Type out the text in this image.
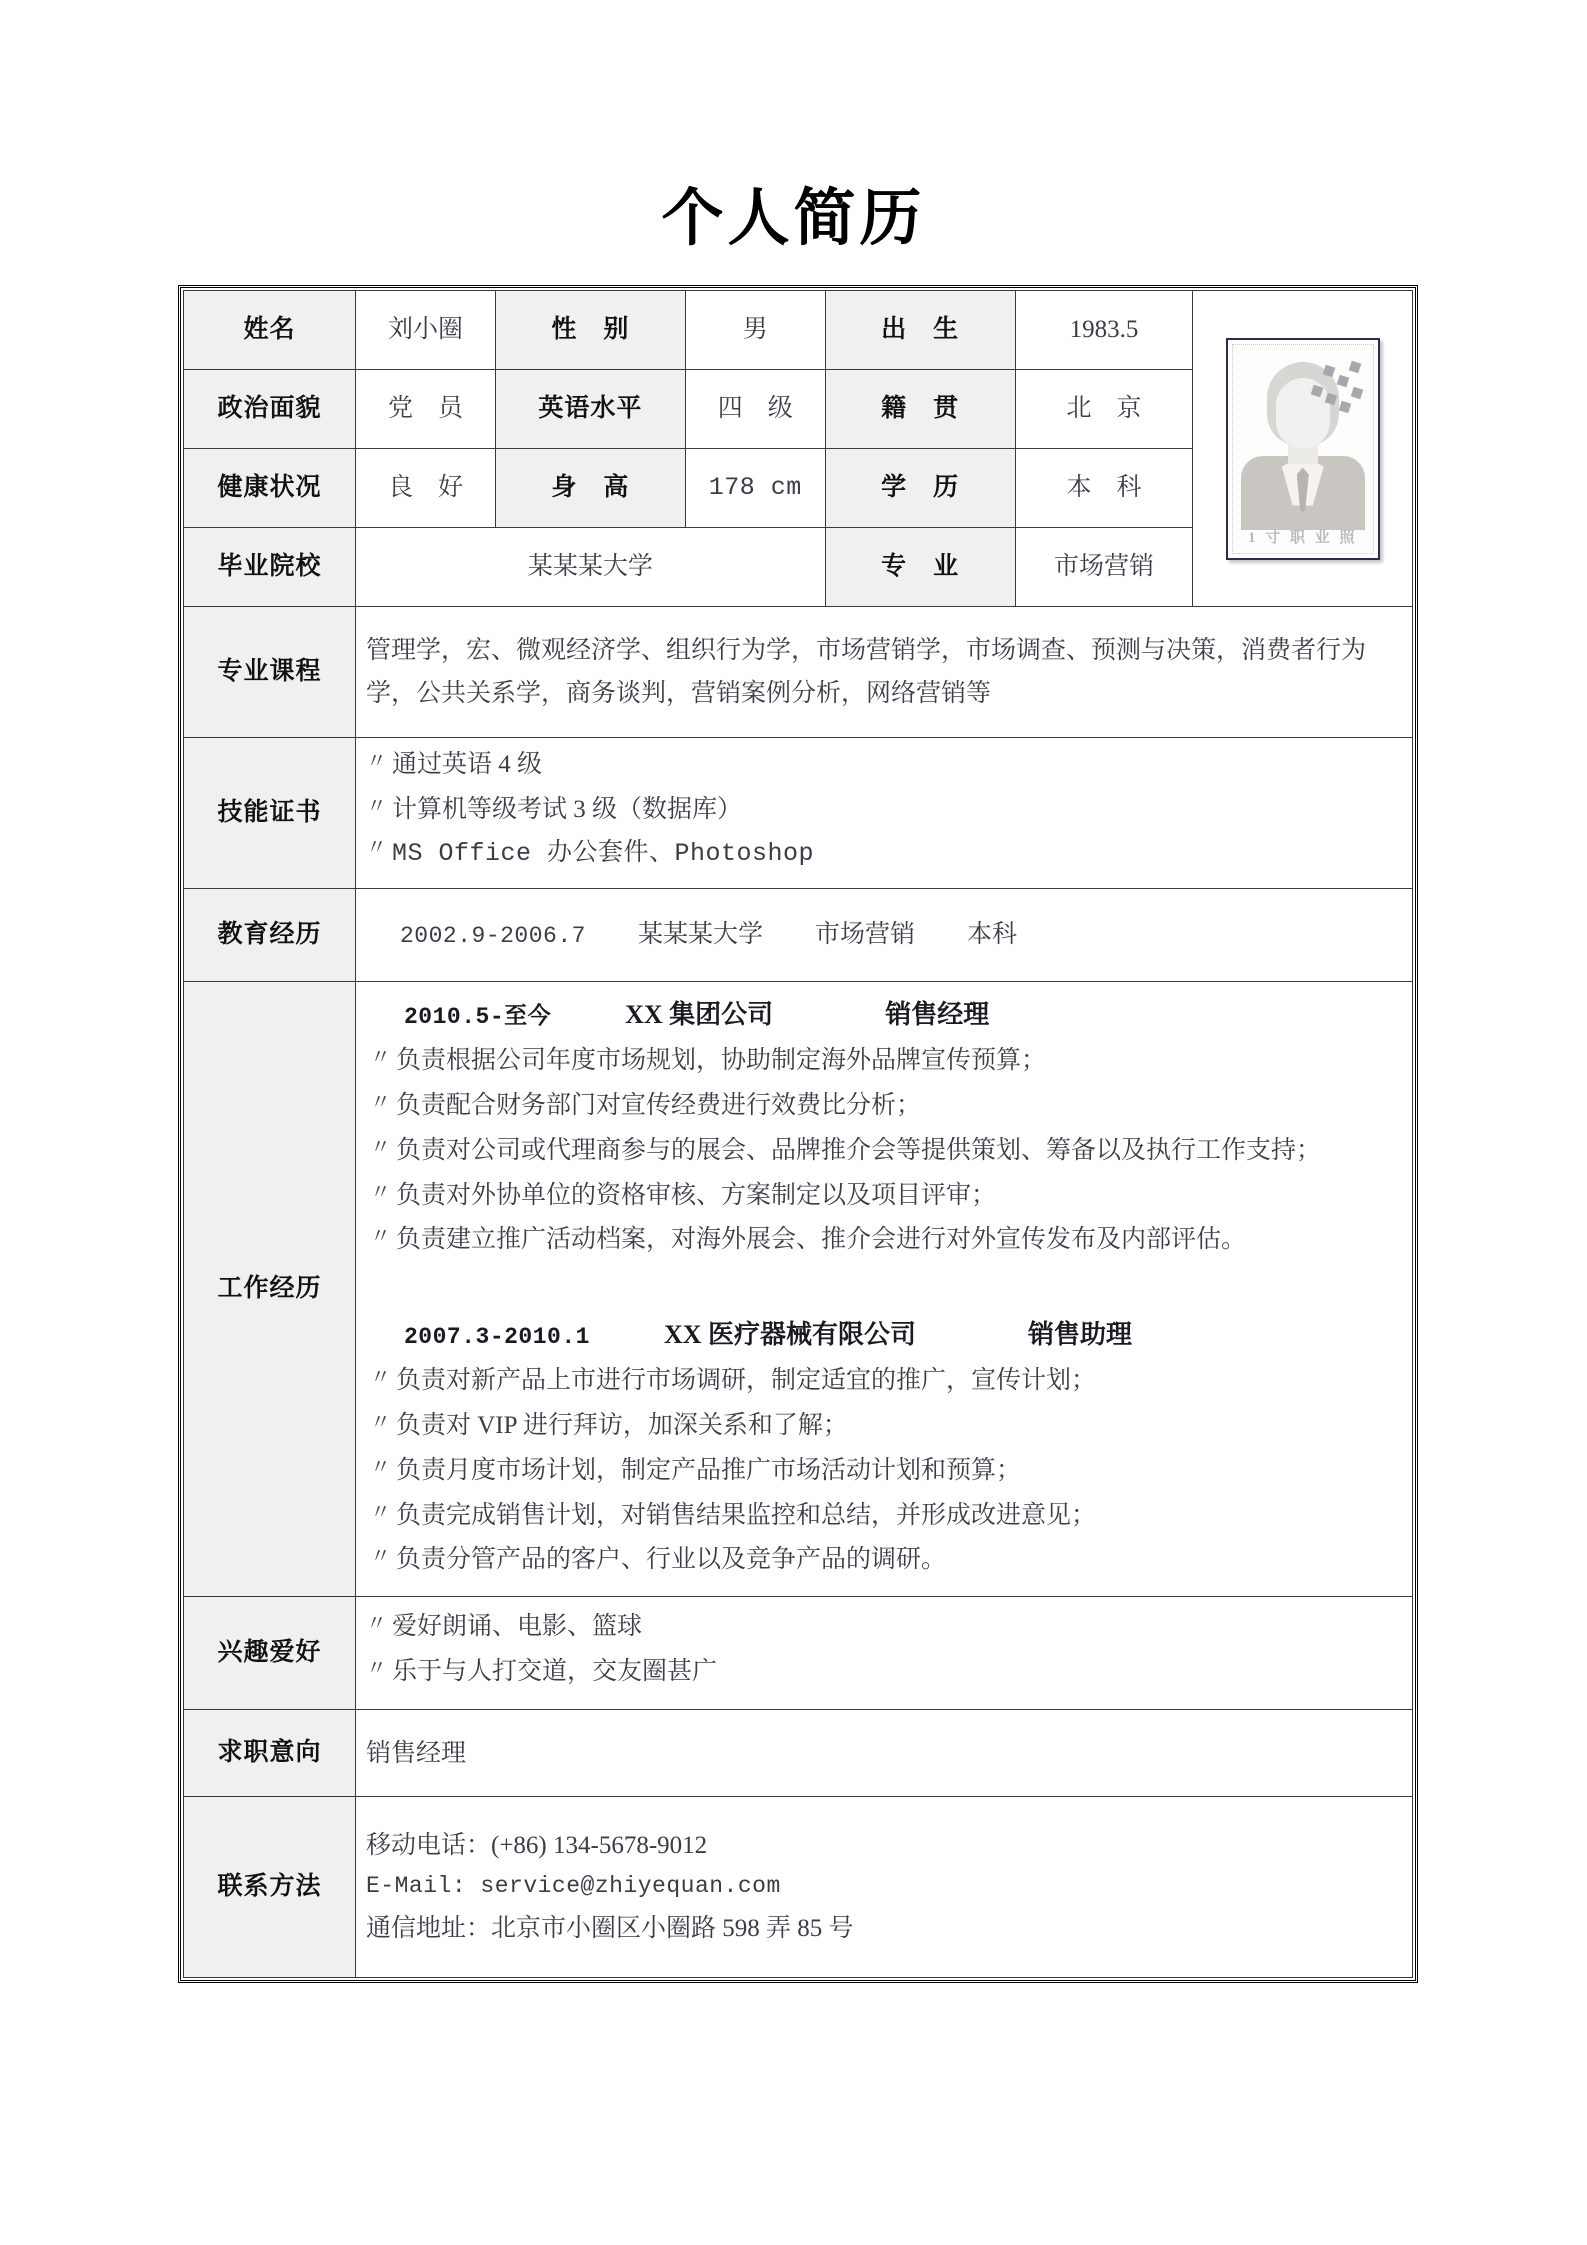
个人简历
姓名	刘小圈	性　别	男	出　生	1983.5	1 寸 职 业 照

政治面貌	党　员	英语水平	四　级	籍　贯	北　京	
健康状况	良　好	身　高	178 cm	学　历	本　科	
毕业院校	某某某大学			专　业	市场营销	
专业课程	管理学，宏、微观经济学、组织行为学，市场营销学，市场调查、预测与决策，消费者行为学，公共关系学，商务谈判，营销案例分析，网络营销等					

技能证书	
〃 通过英语 4 级
〃 计算机等级考试 3 级（数据库）
〃 MS Office 办公套件、Photoshop

教育经历	2002.9-2006.7 某某某大学 市场营销 本科					

工作经历	
2010.5-至今	XX 集团公司	销售经理
〃 负责根据公司年度市场规划，协助制定海外品牌宣传预算；
〃 负责配合财务部门对宣传经费进行效费比分析；
〃 负责对公司或代理商参与的展会、品牌推介会等提供策划、筹备以及执行工作支持；
〃 负责对外协单位的资格审核、方案制定以及项目评审；
〃 负责建立推广活动档案，对海外展会、推介会进行对外宣传发布及内部评估。
2007.3-2010.1	XX 医疗器械有限公司	销售助理
〃 负责对新产品上市进行市场调研，制定适宜的推广，宣传计划；
〃 负责对 VIP 进行拜访，加深关系和了解；
〃 负责月度市场计划，制定产品推广市场活动计划和预算；
〃 负责完成销售计划，对销售结果监控和总结，并形成改进意见；
〃 负责分管产品的客户、行业以及竞争产品的调研。

兴趣爱好	
〃 爱好朗诵、电影、篮球
〃 乐于与人打交道，交友圈甚广

求职意向	销售经理					

联系方法	移动电话：(+86) 134-5678-9012
E-Mail: service@zhiyequan.com
通信地址：北京市小圈区小圈路 598 弄 85 号					
